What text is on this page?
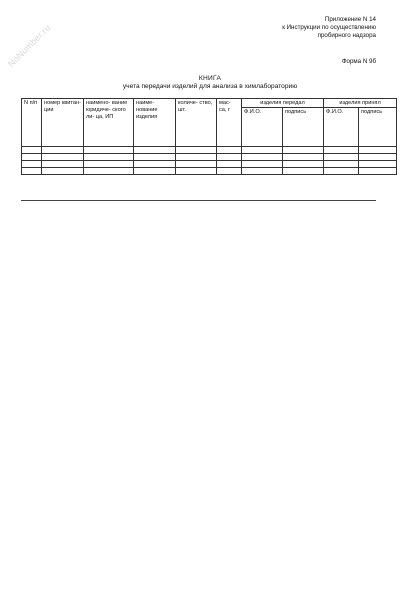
NoNumber.ru
Приложение N 14
к Инструкции по осуществлению
пробирного надзора
Форма N 9б
КНИГА
учета передачи изделий для анализа в химлабораторию
N п/п	номер квитан- ции	наимено- вание юридиче- ского ли- ца, ИП	наиме- нование изделия	количе- ство, шт.	мас- са, г	изделия передал		изделия принял	
						Ф.И.О.	подпись	Ф.И.О.	подпись
